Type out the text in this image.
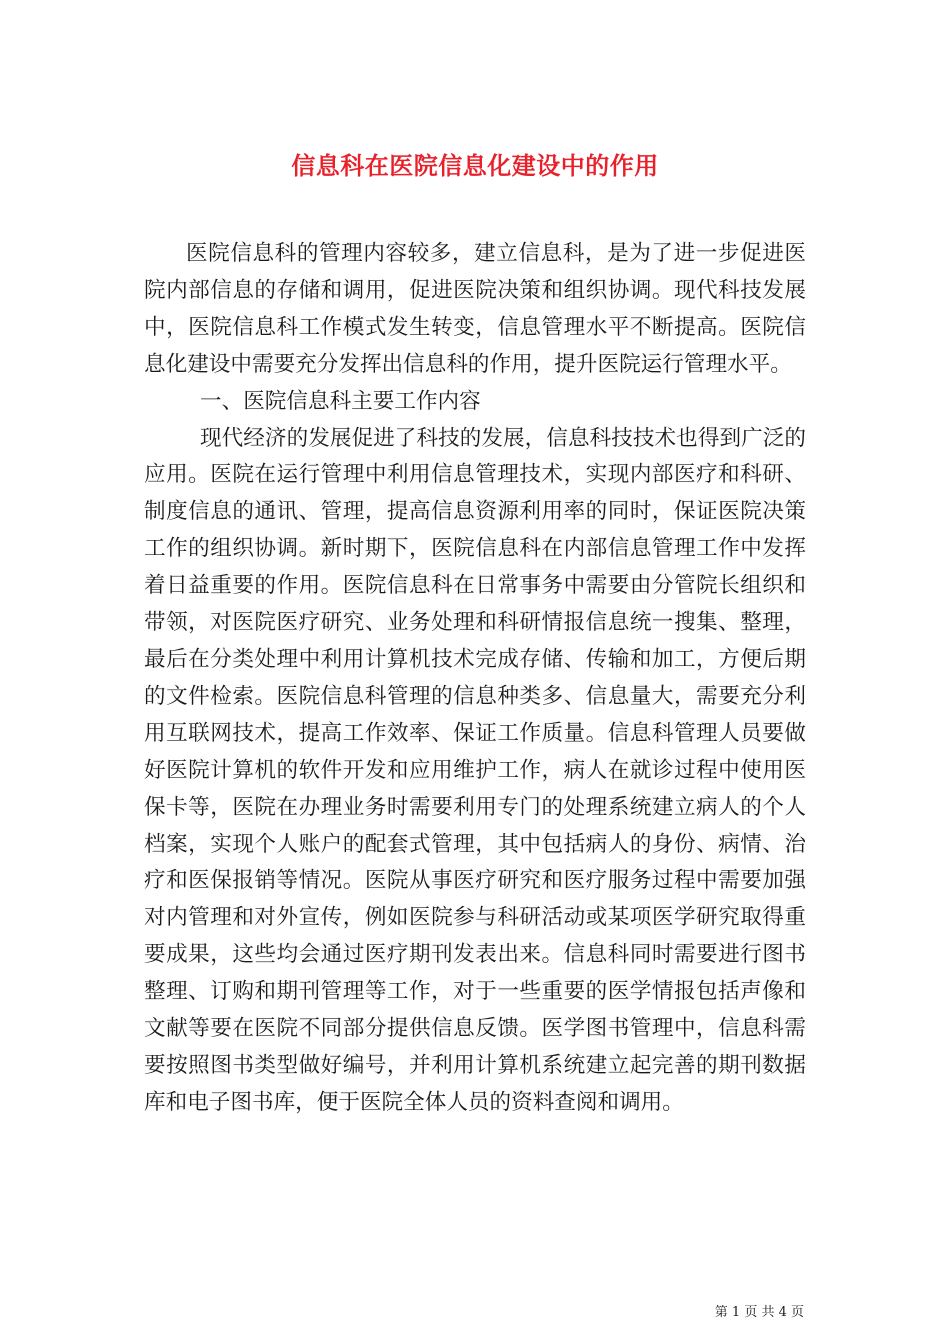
信息科在医院信息化建设中的作用

医院信息科的管理内容较多，建立信息科，是为了进一步促进医院内部信息的存储和调用，促进医院决策和组织协调。现代科技发展中，医院信息科工作模式发生转变，信息管理水平不断提高。医院信息化建设中需要充分发挥出信息科的作用，提升医院运行管理水平。

一、医院信息科主要工作内容

现代经济的发展促进了科技的发展，信息科技技术也得到广泛的应用。医院在运行管理中利用信息管理技术，实现内部医疗和科研、制度信息的通讯、管理，提高信息资源利用率的同时，保证医院决策工作的组织协调。新时期下，医院信息科在内部信息管理工作中发挥着日益重要的作用。医院信息科在日常事务中需要由分管院长组织和带领，对医院医疗研究、业务处理和科研情报信息统一搜集、整理，最后在分类处理中利用计算机技术完成存储、传输和加工，方便后期的文件检索。医院信息科管理的信息种类多、信息量大，需要充分利用互联网技术，提高工作效率、保证工作质量。信息科管理人员要做好医院计算机的软件开发和应用维护工作，病人在就诊过程中使用医保卡等，医院在办理业务时需要利用专门的处理系统建立病人的个人档案，实现个人账户的配套式管理，其中包括病人的身份、病情、治疗和医保报销等情况。医院从事医疗研究和医疗服务过程中需要加强对内管理和对外宣传，例如医院参与科研活动或某项医学研究取得重要成果，这些均会通过医疗期刊发表出来。信息科同时需要进行图书整理、订购和期刊管理等工作，对于一些重要的医学情报包括声像和文献等要在医院不同部分提供信息反馈。医学图书管理中，信息科需要按照图书类型做好编号，并利用计算机系统建立起完善的期刊数据库和电子图书库，便于医院全体人员的资料查阅和调用。

第 1 页 共 4 页
